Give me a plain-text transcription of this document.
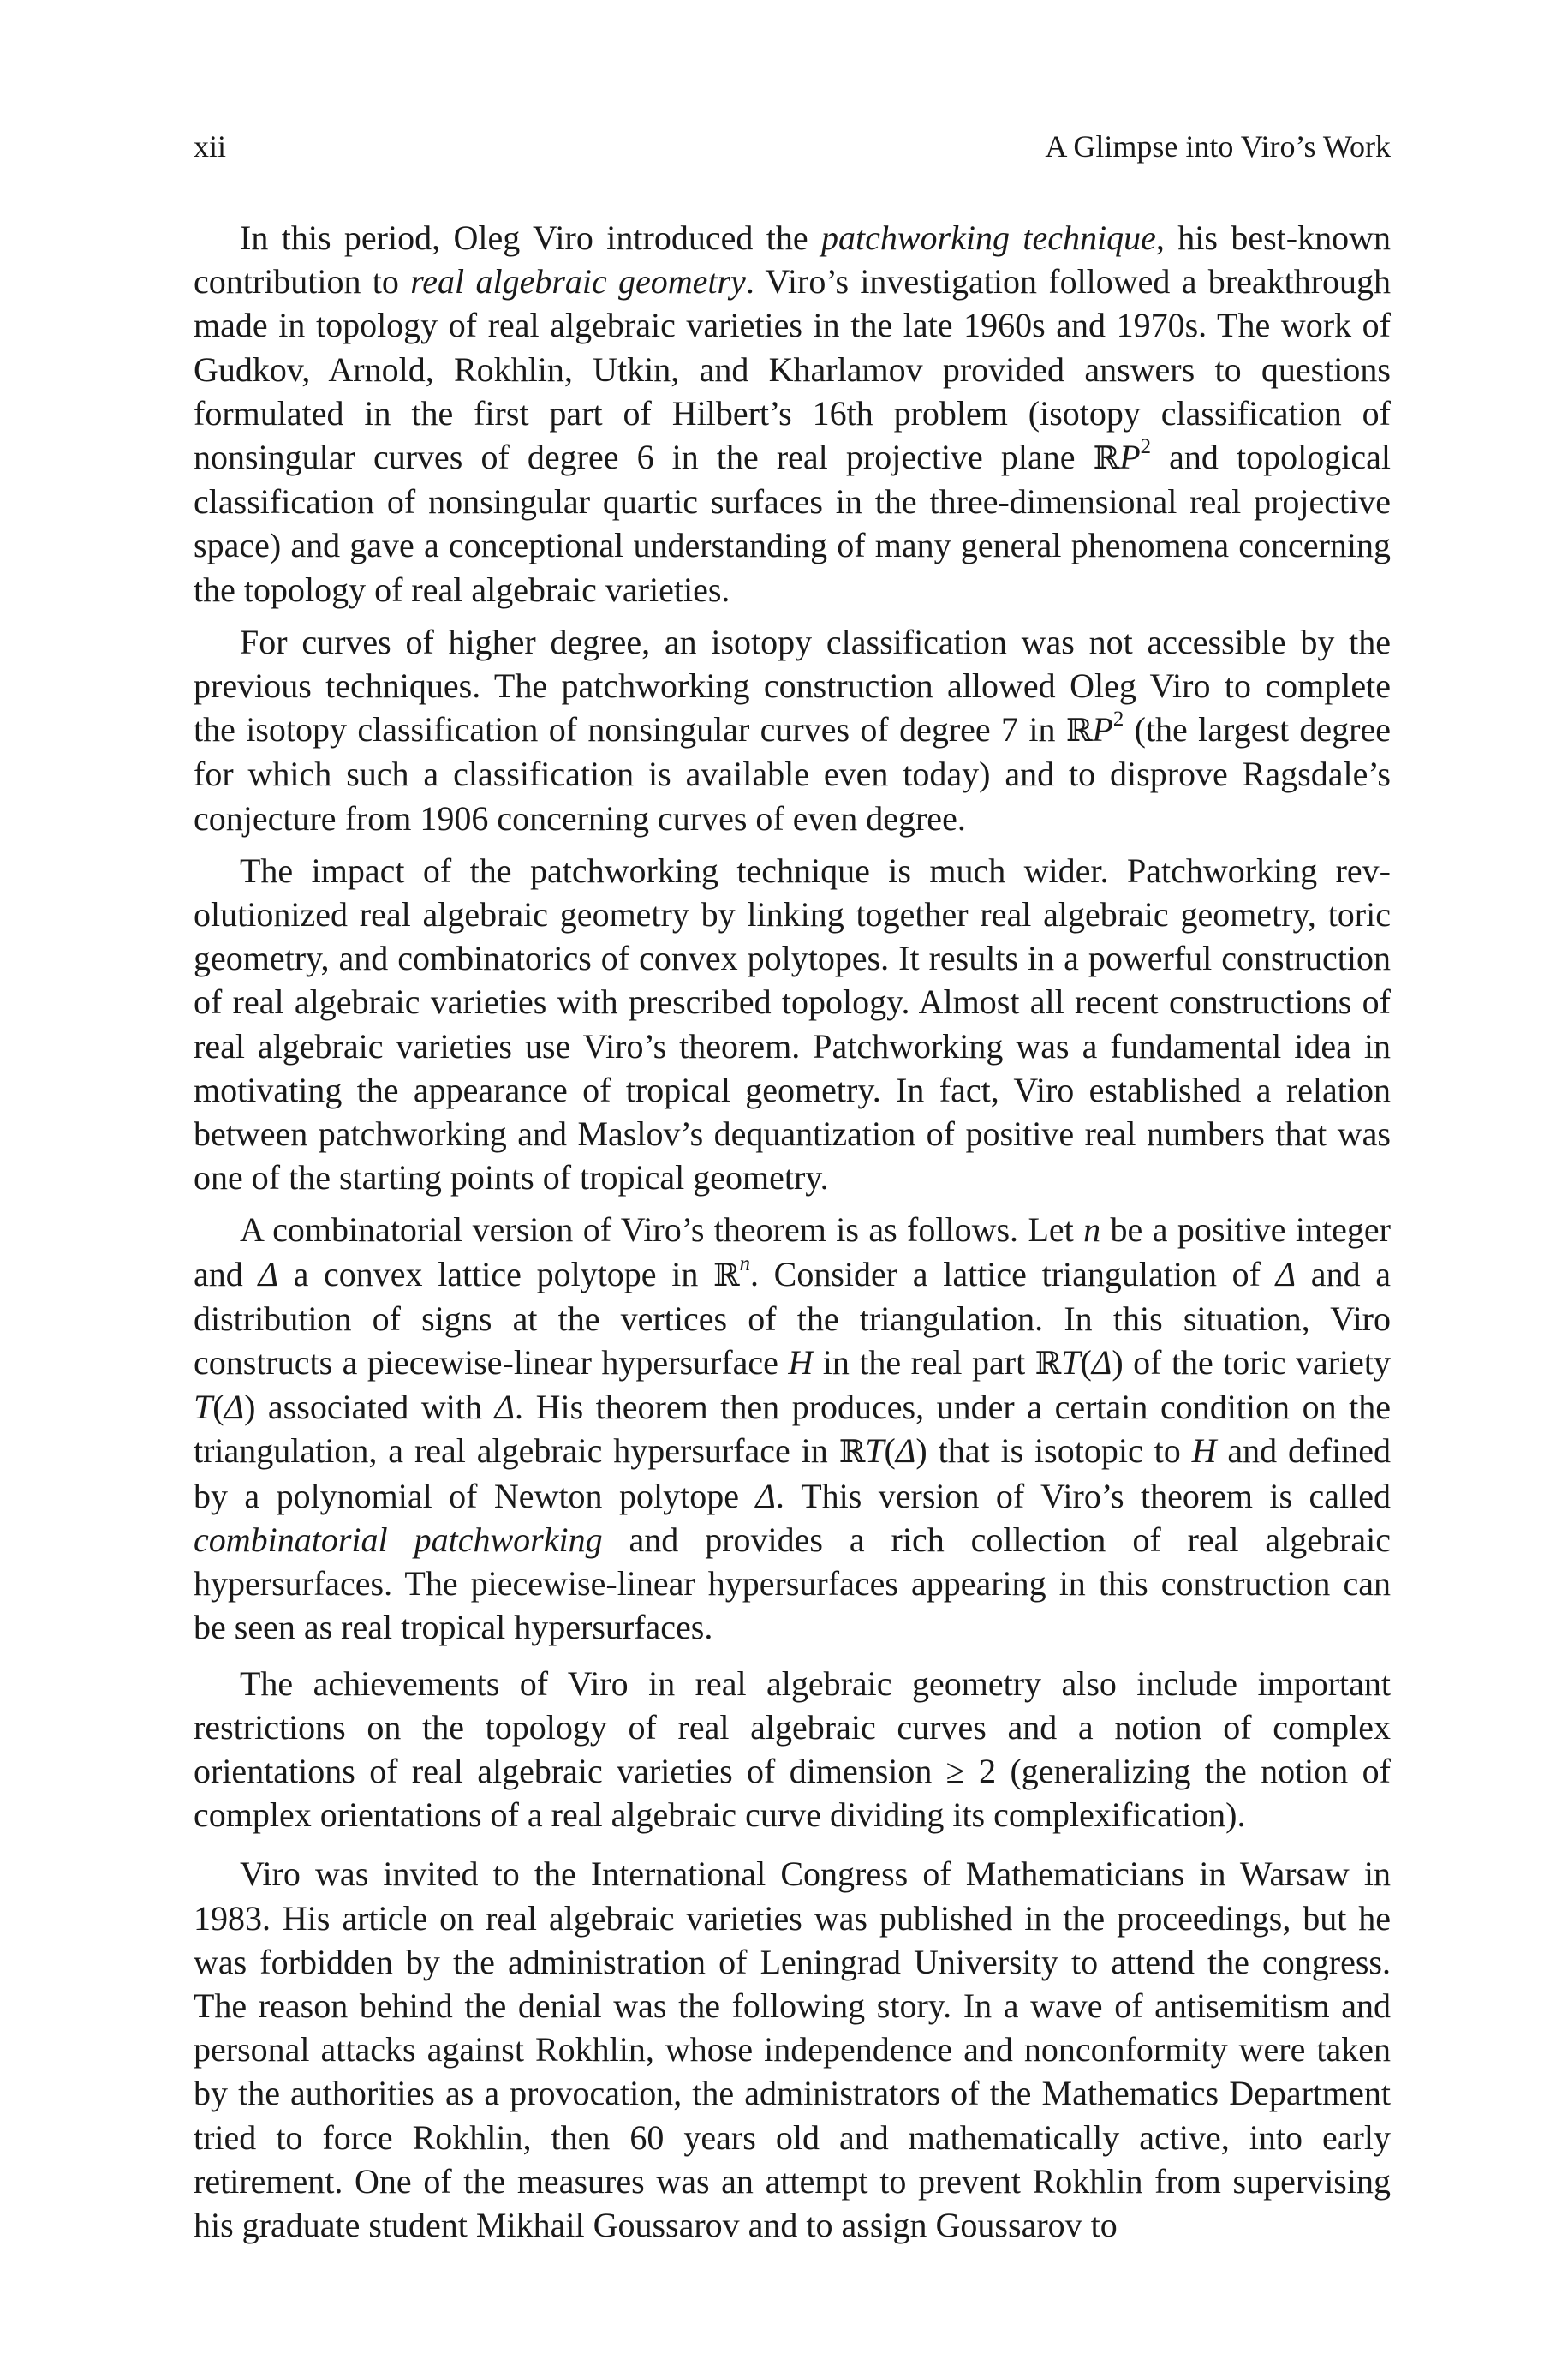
xii	A Glimpse into Viro’s Work

In this period, Oleg Viro introduced the patchworking technique, his best-known contribution to real algebraic geometry. Viro’s investigation followed a breakthrough made in topology of real algebraic varieties in the late 1960s and 1970s. The work of Gudkov, Arnold, Rokhlin, Utkin, and Kharlamov provided answers to questions formulated in the first part of Hilbert’s 16th problem (isotopy classification of nonsingular curves of degree 6 in the real projective plane ℝP$^2$ and topological classification of nonsingular quartic surfaces in the three-dimensional real projective space) and gave a conceptional understanding of many general phenomena concerning the topology of real algebraic varieties.

For curves of higher degree, an isotopy classification was not accessible by the previous techniques. The patchworking construction allowed Oleg Viro to complete the isotopy classification of nonsingular curves of degree 7 in ℝP$^2$ (the largest degree for which such a classification is available even today) and to disprove Ragsdale’s conjecture from 1906 concerning curves of even degree.

The impact of the patchworking technique is much wider. Patchworking revolutionized real algebraic geometry by linking together real algebraic geometry, toric geometry, and combinatorics of convex polytopes. It results in a powerful construction of real algebraic varieties with prescribed topology. Almost all recent constructions of real algebraic varieties use Viro’s theorem. Patchworking was a fundamental idea in motivating the appearance of tropical geometry. In fact, Viro established a relation between patchworking and Maslov’s dequantization of positive real numbers that was one of the starting points of tropical geometry.

A combinatorial version of Viro’s theorem is as follows. Let n be a positive integer and Δ a convex lattice polytope in ℝ$^n$. Consider a lattice triangulation of Δ and a distribution of signs at the vertices of the triangulation. In this situation, Viro constructs a piecewise-linear hypersurface H in the real part ℝT(Δ) of the toric variety T(Δ) associated with Δ. His theorem then produces, under a certain condition on the triangulation, a real algebraic hypersurface in ℝT(Δ) that is isotopic to H and defined by a polynomial of Newton polytope Δ. This version of Viro’s theorem is called combinatorial patchworking and provides a rich collection of real algebraic hypersurfaces. The piecewise-linear hypersurfaces appearing in this construction can be seen as real tropical hypersurfaces.

The achievements of Viro in real algebraic geometry also include important restrictions on the topology of real algebraic curves and a notion of complex orientations of real algebraic varieties of dimension ≥ 2 (generalizing the notion of complex orientations of a real algebraic curve dividing its complexification).

Viro was invited to the International Congress of Mathematicians in Warsaw in 1983. His article on real algebraic varieties was published in the proceedings, but he was forbidden by the administration of Leningrad University to attend the congress. The reason behind the denial was the following story. In a wave of antisemitism and personal attacks against Rokhlin, whose independence and nonconformity were taken by the authorities as a provocation, the administrators of the Mathematics Department tried to force Rokhlin, then 60 years old and mathematically active, into early retirement. One of the measures was an attempt to prevent Rokhlin from supervising his graduate student Mikhail Goussarov and to assign Goussarov to
